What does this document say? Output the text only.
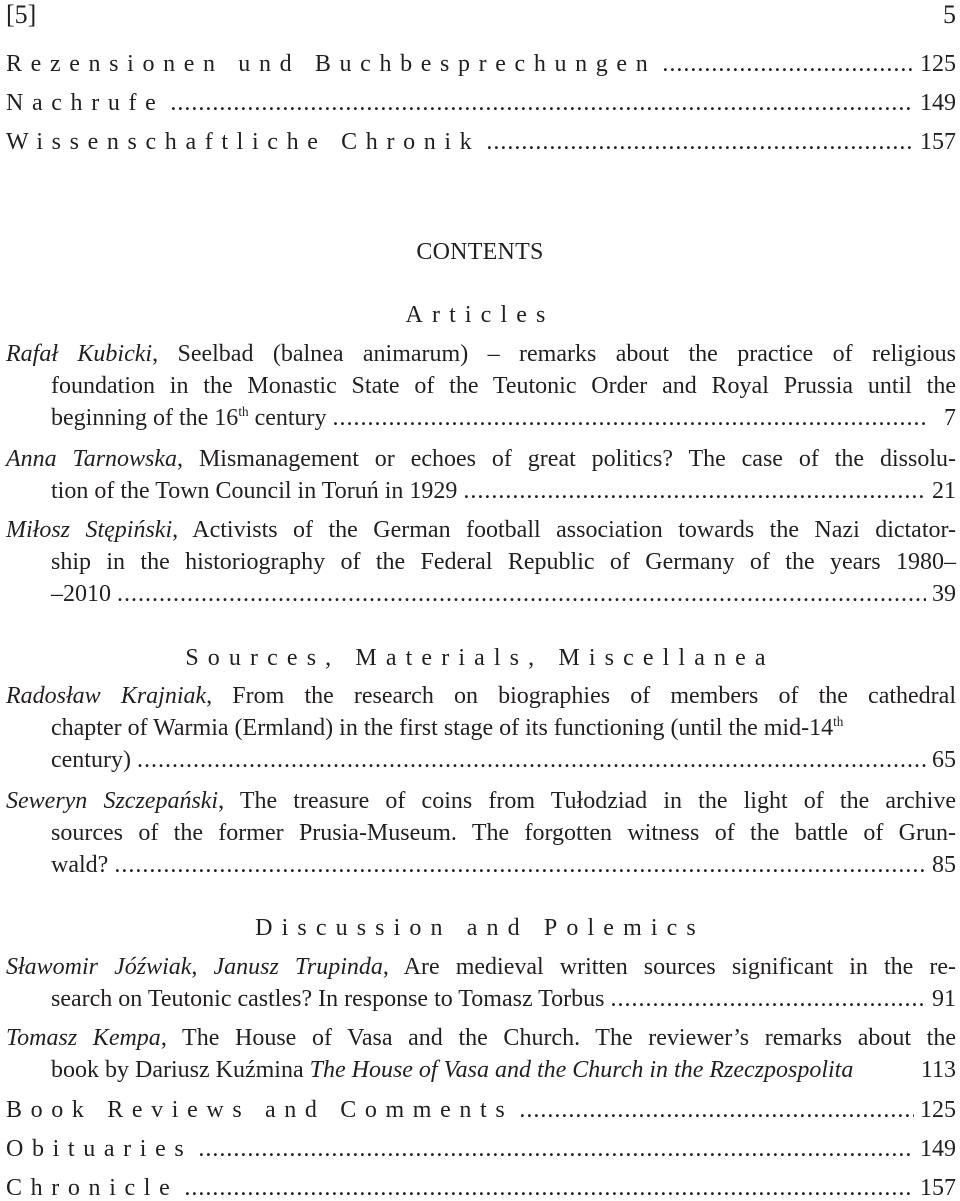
[5]	5
Rezensionen und Buchbesprechungen .....	125
Nachrufe .....	149
Wissenschaftliche Chronik .....	157
CONTENTS
Articles
Rafał Kubicki, Seelbad (balnea animarum) – remarks about the practice of religious
foundation in the Monastic State of the Teutonic Order and Royal Prussia until the
beginning of the 16th century .....	7
Anna Tarnowska, Mismanagement or echoes of great politics? The case of the dissolu-
tion of the Town Council in Toruń in 1929 .....	21
Miłosz Stępiński, Activists of the German football association towards the Nazi dictator-
ship in the historiography of the Federal Republic of Germany of the years 1980–
–2010 .....	39
Sources, Materials, Miscellanea
Radosław Krajniak, From the research on biographies of members of the cathedral
chapter of Warmia (Ermland) in the first stage of its functioning (until the mid-14th
century) .....	65
Seweryn Szczepański, The treasure of coins from Tułodziad in the light of the archive
sources of the former Prusia-Museum. The forgotten witness of the battle of Grun-
wald? .....	85
Discussion and Polemics
Sławomir Jóźwiak, Janusz Trupinda, Are medieval written sources significant in the re-
search on Teutonic castles? In response to Tomasz Torbus .....	91
Tomasz Kempa, The House of Vasa and the Church. The reviewer’s remarks about the
book by Dariusz Kuźmina The House of Vasa and the Church in the Rzeczpospolita	113
Book Reviews and Comments .....	125
Obituaries .....	149
Chronicle .....	157
